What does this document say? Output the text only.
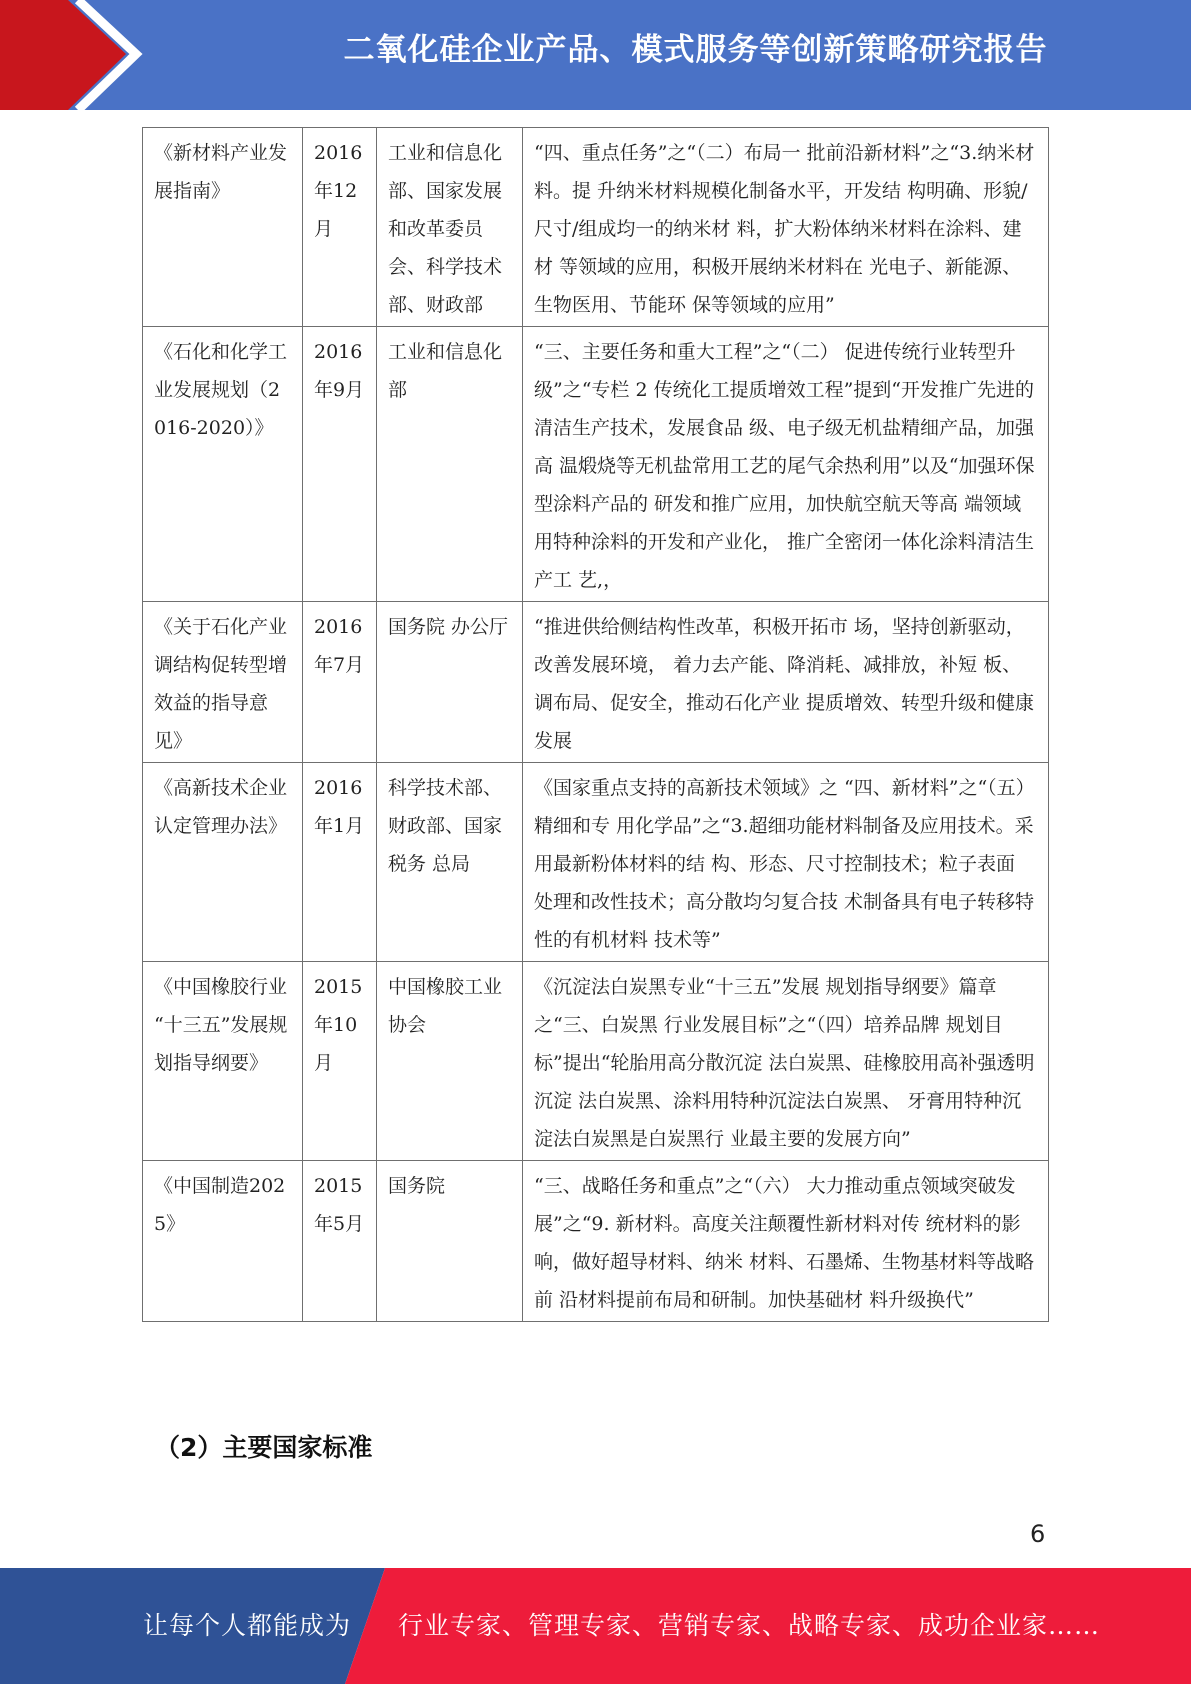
二氧化硅企业产品、模式服务等创新策略研究报告
《新材料产业发 展指南》	2016年12月	工业和信息化 部、国家发展 和改革委员 会、科学技术 部、财政部	“四、重点任务”之“（二）布局一 批前沿新材料”之“3.纳米材料。提 升纳米材料规模化制备水平，开发结 构明确、形貌/尺寸/组成均一的纳米材 料，扩大粉体纳米材料在涂料、建材 等领域的应用，积极开展纳米材料在 光电子、新能源、生物医用、节能环 保等领域的应用”
《石化和化学工 业发展规划（2016-2020）》	2016年9月	工业和信息化 部	“三、主要任务和重大工程”之“（二） 促进传统行业转型升级”之“专栏 2 传统化工提质增效工程”提到“开发推广先进的清洁生产技术，发展食品 级、电子级无机盐精细产品，加强高 温煅烧等无机盐常用工艺的尾气余热利用”以及“加强环保型涂料产品的 研发和推广应用，加快航空航天等高 端领域用特种涂料的开发和产业化， 推广全密闭一体化涂料清洁生产工 艺,，
《关于石化产业 调结构促转型增 效益的指导意见》	2016年7月	国务院 办公厅	“推进供给侧结构性改革，积极开拓市 场，坚持创新驱动，改善发展环境， 着力去产能、降消耗、减排放，补短 板、调布局、促安全，推动石化产业 提质增效、转型升级和健康发展
《高新技术企业 认定管理办法》	2016年1月	科学技术部、 财政部、国家 税务 总局	《国家重点支持的高新技术领域》之 “四、新材料”之“（五）精细和专 用化学品”之“3.超细功能材料制备及应用技术。采用最新粉体材料的结 构、形态、尺寸控制技术；粒子表面 处理和改性技术；高分散均匀复合技 术制备具有电子转移特性的有机材料 技术等”
《中国橡胶行业 “十三五”发展规划指导纲要》	2015年10月	中国橡胶工业 协会	《沉淀法白炭黑专业“十三五”发展 规划指导纲要》篇章之“三、白炭黑 行业发展目标”之“（四）培养品牌 规划目标”提出“轮胎用高分散沉淀 法白炭黑、硅橡胶用高补强透明沉淀 法白炭黑、涂料用特种沉淀法白炭黑、 牙膏用特种沉淀法白炭黑是白炭黑行 业最主要的发展方向”
《中国制造2025》	2015年5月	国务院	“三、战略任务和重点”之“（六） 大力推动重点领域突破发展”之“9. 新材料。高度关注颠覆性新材料对传 统材料的影响，做好超导材料、纳米 材料、石墨烯、生物基材料等战略前 沿材料提前布局和研制。加快基础材 料升级换代”
（2）主要国家标准
6
让每个人都能成为 行业专家、管理专家、营销专家、战略专家、成功企业家……
